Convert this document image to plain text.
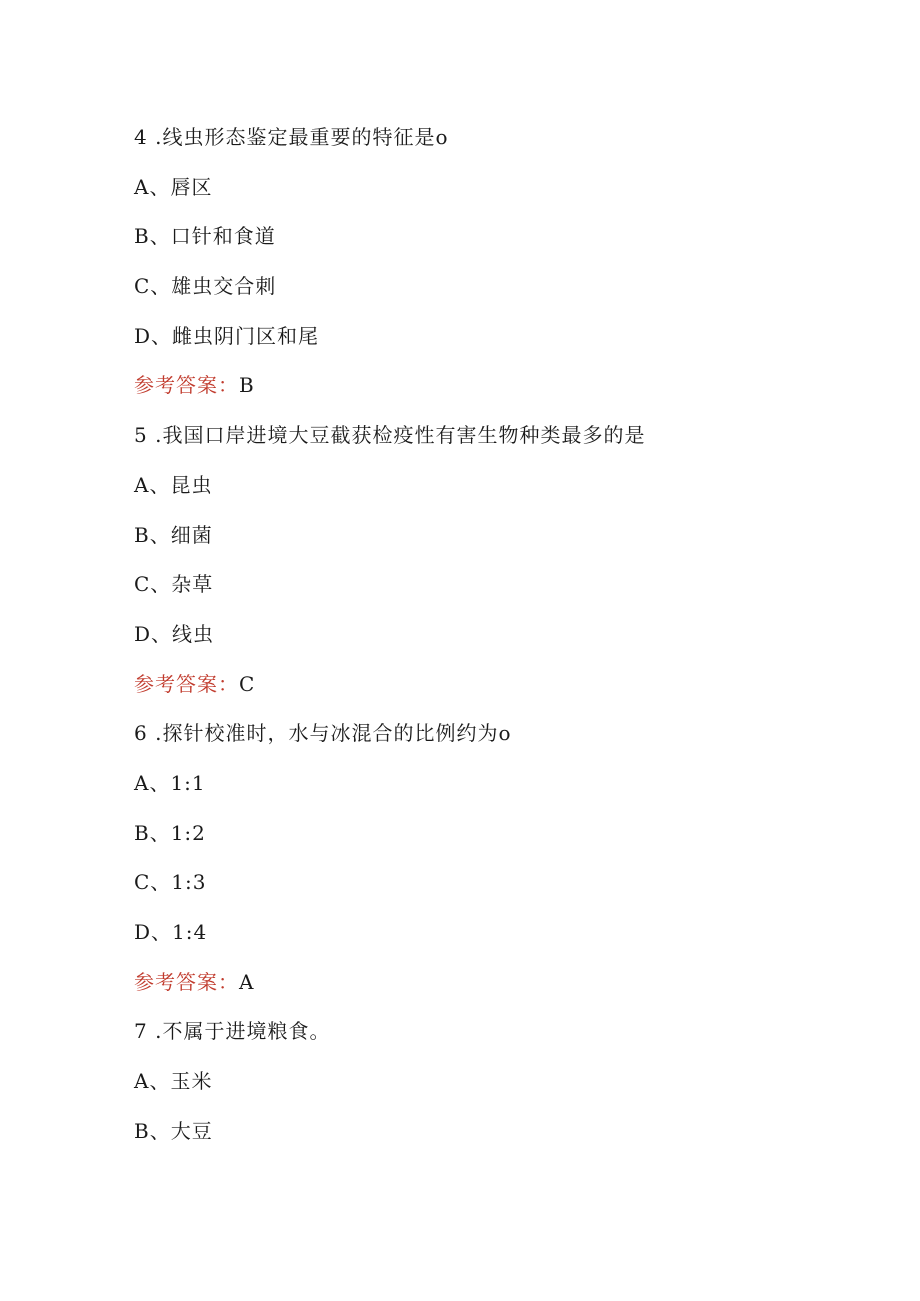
4 .线虫形态鉴定最重要的特征是o
A、唇区
B、口针和食道
C、雄虫交合刺
D、雌虫阴门区和尾
参考答案：B
5 .我国口岸进境大豆截获检疫性有害生物种类最多的是
A、昆虫
B、细菌
C、杂草
D、线虫
参考答案：C
6 .探针校准时，水与冰混合的比例约为o
A、1:1
B、1:2
C、1:3
D、1:4
参考答案：A
7 .不属于进境粮食。
A、玉米
B、大豆
